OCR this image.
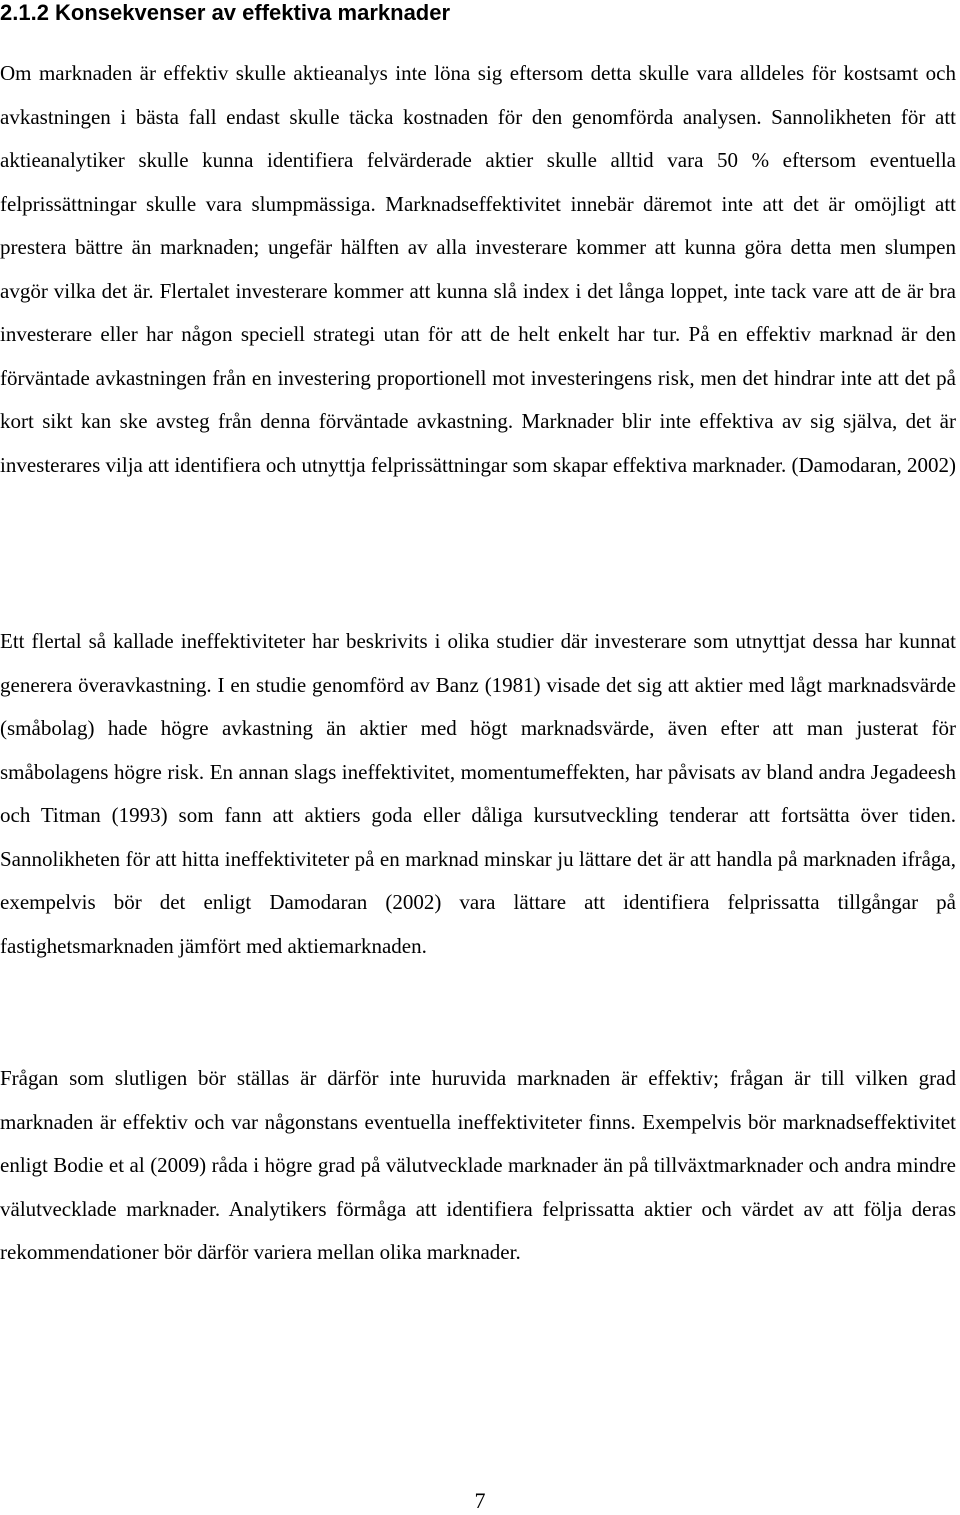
2.1.2 Konsekvenser av effektiva marknader

Om marknaden är effektiv skulle aktieanalys inte löna sig eftersom detta skulle vara alldeles för kostsamt och avkastningen i bästa fall endast skulle täcka kostnaden för den genomförda analysen. Sannolikheten för att aktieanalytiker skulle kunna identifiera felvärderade aktier skulle alltid vara 50 % eftersom eventuella felprissättningar skulle vara slumpmässiga. Marknadseffektivitet innebär däremot inte att det är omöjligt att prestera bättre än marknaden; ungefär hälften av alla investerare kommer att kunna göra detta men slumpen avgör vilka det är. Flertalet investerare kommer att kunna slå index i det långa loppet, inte tack vare att de är bra investerare eller har någon speciell strategi utan för att de helt enkelt har tur. På en effektiv marknad är den förväntade avkastningen från en investering proportionell mot investeringens risk, men det hindrar inte att det på kort sikt kan ske avsteg från denna förväntade avkastning. Marknader blir inte effektiva av sig själva, det är investerares vilja att identifiera och utnyttja felprissättningar som skapar effektiva marknader. (Damodaran, 2002)

Ett flertal så kallade ineffektiviteter har beskrivits i olika studier där investerare som utnyttjat dessa har kunnat generera överavkastning. I en studie genomförd av Banz (1981) visade det sig att aktier med lågt marknadsvärde (småbolag) hade högre avkastning än aktier med högt marknadsvärde, även efter att man justerat för småbolagens högre risk. En annan slags ineffektivitet, momentumeffekten, har påvisats av bland andra Jegadeesh och Titman (1993) som fann att aktiers goda eller dåliga kursutveckling tenderar att fortsätta över tiden. Sannolikheten för att hitta ineffektiviteter på en marknad minskar ju lättare det är att handla på marknaden ifråga, exempelvis bör det enligt Damodaran (2002) vara lättare att identifiera felprissatta tillgångar på fastighetsmarknaden jämfört med aktiemarknaden.

Frågan som slutligen bör ställas är därför inte huruvida marknaden är effektiv; frågan är till vilken grad marknaden är effektiv och var någonstans eventuella ineffektiviteter finns. Exempelvis bör marknadseffektivitet enligt Bodie et al (2009) råda i högre grad på välutvecklade marknader än på tillväxtmarknader och andra mindre välutvecklade marknader. Analytikers förmåga att identifiera felprissatta aktier och värdet av att följa deras rekommendationer bör därför variera mellan olika marknader.

7
